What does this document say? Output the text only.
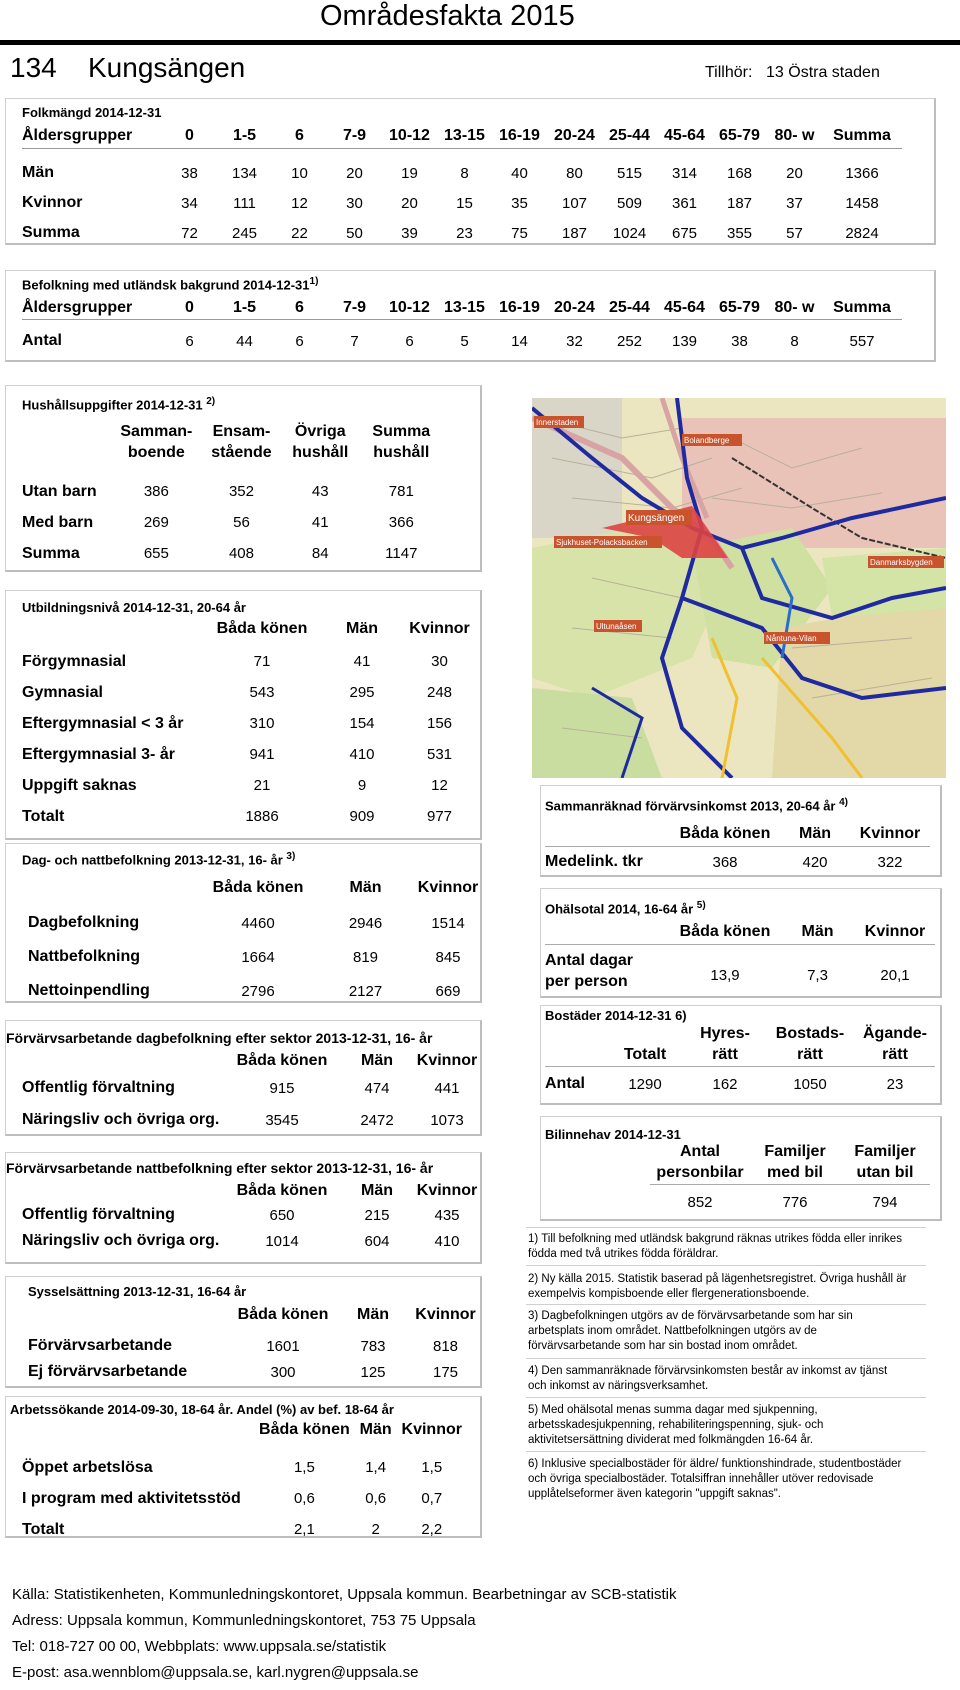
Områdesfakta 2015
134 Kungsängen	Tillhör: 13 Östra staden
Folkmängd 2014-12-31
Åldersgrupper	0	1-5	6	7-9	10-12	13-15	16-19	20-24	25-44	45-64	65-79	80- w	Summa

Män	38	134	10	20	19	8	40	80	515	314	168	20	1366
Kvinnor	34	111	12	30	20	15	35	107	509	361	187	37	1458
Summa	72	245	22	50	39	23	75	187	1024	675	355	57	2824
Befolkning med utländsk bakgrund 2014-12-31$^{1)}$
Åldersgrupper	0	1-5	6	7-9	10-12	13-15	16-19	20-24	25-44	45-64	65-79	80- w	Summa

Antal	6	44	6	7	6	5	14	32	252	139	38	8	557
Hushållsuppgifter 2014-12-31 $^{2)}$
	Samman-	Ensam-	Övriga	Summa
	boende	stående	hushåll	hushåll

Utan barn	386	352	43	781
Med barn	269	56	41	366
Summa	655	408	84	1147
Utbildningsnivå 2014-12-31, 20-64 år
	Båda könen	Män	Kvinnor

Förgymnasial	71	41	30
Gymnasial	543	295	248
Eftergymnasial < 3 år	310	154	156
Eftergymnasial 3- år	941	410	531
Uppgift saknas	21	9	12
Totalt	1886	909	977
Dag- och nattbefolkning 2013-12-31, 16- år $^{3)}$
	Båda könen	Män	Kvinnor

Dagbefolkning	4460	2946	1514
Nattbefolkning	1664	819	845
Nettoinpendling	2796	2127	669
Förvärvsarbetande dagbefolkning efter sektor 2013-12-31, 16- år
	Båda könen	Män	Kvinnor
Offentlig förvaltning	915	474	441
Näringsliv och övriga org.	3545	2472	1073
Förvärvsarbetande nattbefolkning efter sektor 2013-12-31, 16- år
	Båda könen	Män	Kvinnor
Offentlig förvaltning	650	215	435
Näringsliv och övriga org.	1014	604	410
Sysselsättning 2013-12-31, 16-64 år
	Båda könen	Män	Kvinnor

Förvärvsarbetande	1601	783	818
Ej förvärvsarbetande	300	125	175
Arbetssökande 2014-09-30, 18-64 år. Andel (%) av bef. 18-64 år
	Båda könen	Män	Kvinnor

Öppet arbetslösa	1,5	1,4	1,5
I program med aktivitetsstöd	0,6	0,6	0,7
Totalt	2,1	2	2,2
Innerstaden
Bolandberge
Kungsängen
Sjukhuset-Polacksbacken
Danmarksbygden
Ultunaåsen
Nåntuna-Vilan
Sammanräknad förvärvsinkomst 2013, 20-64 år $^{4)}$
	Båda könen	Män	Kvinnor

Medelink. tkr	368	420	322
Ohälsotal 2014, 16-64 år $^{5)}$
	Båda könen	Män	Kvinnor

Antal dagar
per person	13,9	7,3	20,1
Bostäder 2014-12-31 6)
		Hyres-	Bostads-	Ägande-
	Totalt	rätt	rätt	rätt

Antal	1290	162	1050	23
Bilinnehav 2014-12-31
Antal	Familjer	Familjer
personbilar	med bil	utan bil

852	776	794
1) Till befolkning med utländsk bakgrund räknas utrikes födda eller inrikes födda med två utrikes födda föräldrar.
2) Ny källa 2015. Statistik baserad på lägenhetsregistret. Övriga hushåll är exempelvis kompisboende eller flergenerationsboende.
3) Dagbefolkningen utgörs av de förvärvsarbetande som har sin arbetsplats inom området. Nattbefolkningen utgörs av de förvärvsarbetande som har sin bostad inom området.
4) Den sammanräknade förvärvsinkomsten består av inkomst av tjänst och inkomst av näringsverksamhet.
5) Med ohälsotal menas summa dagar med sjukpenning, arbetsskadesjukpenning, rehabiliteringspenning, sjuk- och aktivitetsersättning dividerat med folkmängden 16-64 år.
6) Inklusive specialbostäder för äldre/ funktionshindrade, studentbostäder och övriga specialbostäder. Totalsiffran innehåller utöver redovisade upplåtelseformer även kategorin "uppgift saknas".
Källa: Statistikenheten, Kommunledningskontoret, Uppsala kommun. Bearbetningar av SCB-statistik
Adress: Uppsala kommun, Kommunledningskontoret, 753 75 Uppsala
Tel: 018-727 00 00, Webbplats: www.uppsala.se/statistik
E-post: asa.wennblom@uppsala.se, karl.nygren@uppsala.se
